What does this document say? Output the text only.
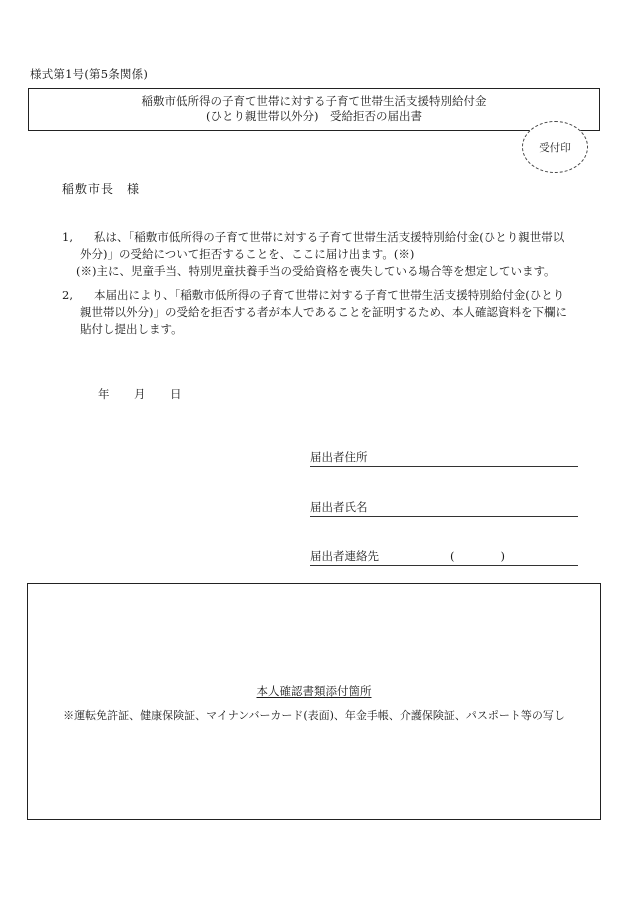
様式第1号(第5条関係)
稲敷市低所得の子育て世帯に対する子育て世帯生活支援特別給付金
(ひとり親世帯以外分)　受給拒否の届出書
受付印
稲敷市長　様
1, 私は、「稲敷市低所得の子育て世帯に対する子育て世帯生活支援特別給付金(ひとり親世帯以
外分)」の受給について拒否することを、ここに届け出ます。(※)
(※)主に、児童手当、特別児童扶養手当の受給資格を喪失している場合等を想定しています。
2, 本届出により、「稲敷市低所得の子育て世帯に対する子育て世帯生活支援特別給付金(ひとり
親世帯以外分)」の受給を拒否する者が本人であることを証明するため、本人確認資料を下欄に
貼付し提出します。
年 月 日
届出者住所
届出者氏名
届出者連絡先	(　　　　)
本人確認書類添付箇所
※運転免許証、健康保険証、マイナンバーカード(表面)、年金手帳、介護保険証、パスポート等の写し
